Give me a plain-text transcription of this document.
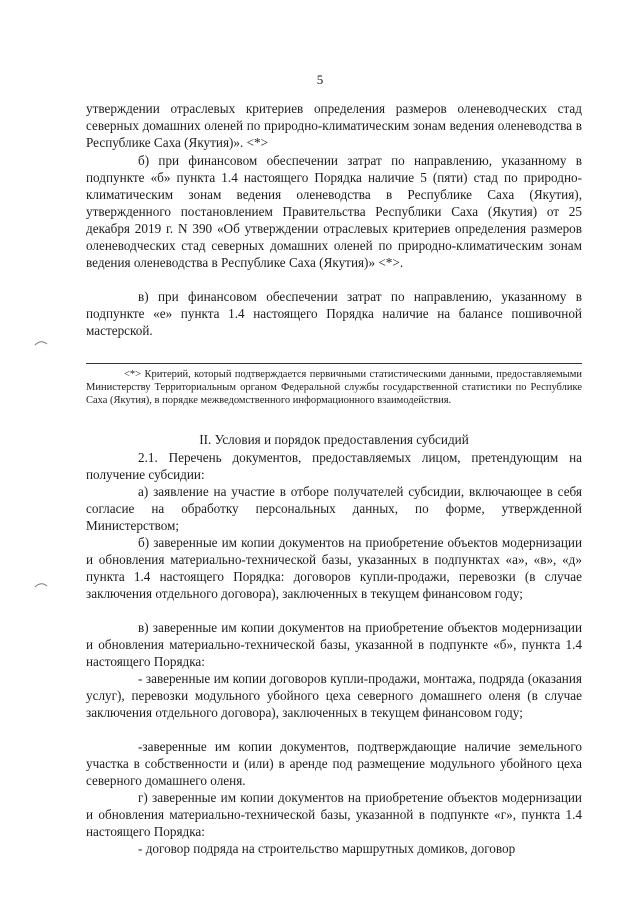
5

утверждении отраслевых критериев определения размеров оленеводческих стад северных домашних оленей по природно-климатическим зонам ведения оленеводства в Республике Саха (Якутия)». <*>

б) при финансовом обеспечении затрат по направлению, указанному в подпункте «б» пункта 1.4 настоящего Порядка наличие 5 (пяти) стад по природно-климатическим зонам ведения оленеводства в Республике Саха (Якутия), утвержденного постановлением Правительства Республики Саха (Якутия) от 25 декабря 2019 г. N 390 «Об утверждении отраслевых критериев определения размеров оленеводческих стад северных домашних оленей по природно-климатическим зонам ведения оленеводства в Республике Саха (Якутия)» <*>.

в) при финансовом обеспечении затрат по направлению, указанному в подпункте «е» пункта 1.4 настоящего Порядка наличие на балансе пошивочной мастерской.

<*> Критерий, который подтверждается первичными статистическими данными, предоставляемыми Министерству Территориальным органом Федеральной службы государственной статистики по Республике Саха (Якутия), в порядке межведомственного информационного взаимодействия.

II. Условия и порядок предоставления субсидий

2.1. Перечень документов, предоставляемых лицом, претендующим на получение субсидии:

а) заявление на участие в отборе получателей субсидии, включающее в себя согласие на обработку персональных данных, по форме, утвержденной Министерством;

б) заверенные им копии документов на приобретение объектов модернизации и обновления материально-технической базы, указанных в подпунктах «а», «в», «д» пункта 1.4 настоящего Порядка: договоров купли-продажи, перевозки (в случае заключения отдельного договора), заключенных в текущем финансовом году;

в) заверенные им копии документов на приобретение объектов модернизации и обновления материально-технической базы, указанной в подпункте «б», пункта 1.4 настоящего Порядка:

- заверенные им копии договоров купли-продажи, монтажа, подряда (оказания услуг), перевозки модульного убойного цеха северного домашнего оленя (в случае заключения отдельного договора), заключенных в текущем финансовом году;

-заверенные им копии документов, подтверждающие наличие земельного участка в собственности и (или) в аренде под размещение модульного убойного цеха северного домашнего оленя.

г) заверенные им копии документов на приобретение объектов модернизации и обновления материально-технической базы, указанной в подпункте «г», пункта 1.4 настоящего Порядка:

- договор подряда на строительство маршрутных домиков, договор
